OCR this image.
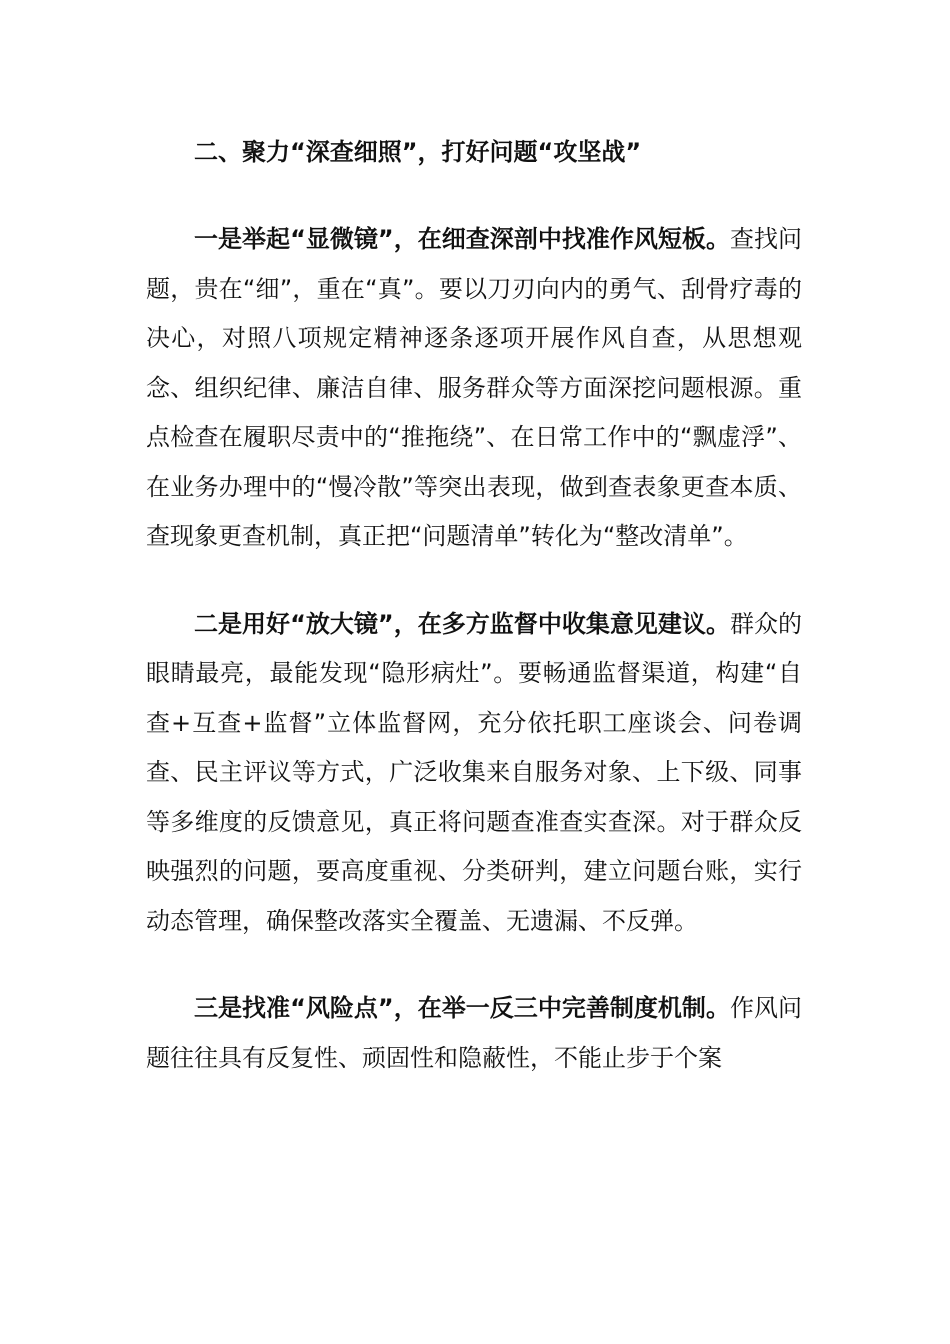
二、聚力“深查细照”，打好问题“攻坚战”

一是举起“显微镜”，在细查深剖中找准作风短板。查找问题，贵在“细”，重在“真”。要以刀刃向内的勇气、刮骨疗毒的决心，对照八项规定精神逐条逐项开展作风自查，从思想观念、组织纪律、廉洁自律、服务群众等方面深挖问题根源。重点检查在履职尽责中的“推拖绕”、在日常工作中的“飘虚浮”、在业务办理中的“慢冷散”等突出表现，做到查表象更查本质、查现象更查机制，真正把“问题清单”转化为“整改清单”。

二是用好“放大镜”，在多方监督中收集意见建议。群众的眼睛最亮，最能发现“隐形病灶”。要畅通监督渠道，构建“自查+互查+监督”立体监督网，充分依托职工座谈会、问卷调查、民主评议等方式，广泛收集来自服务对象、上下级、同事等多维度的反馈意见，真正将问题查准查实查深。对于群众反映强烈的问题，要高度重视、分类研判，建立问题台账，实行动态管理，确保整改落实全覆盖、无遗漏、不反弹。

三是找准“风险点”，在举一反三中完善制度机制。作风问题往往具有反复性、顽固性和隐蔽性，不能止步于个案
